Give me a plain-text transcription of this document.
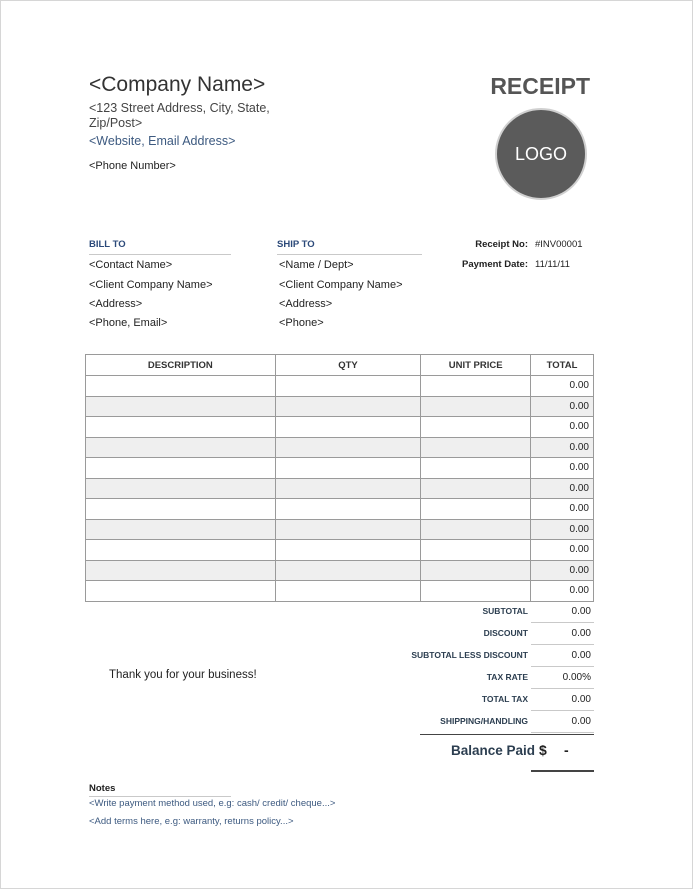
<Company Name>
<123 Street Address, City, State, Zip/Post>
<Website, Email Address>
<Phone Number>
RECEIPT
LOGO
BILL TO
<Contact Name>
<Client Company Name>
<Address>
<Phone, Email>
SHIP TO
<Name / Dept>
<Client Company Name>
<Address>
<Phone>
Receipt No: #INV00001
Payment Date: 11/11/11
DESCRIPTION	QTY	UNIT PRICE	TOTAL
			0.00
			0.00
			0.00
			0.00
			0.00
			0.00
			0.00
			0.00
			0.00
			0.00
			0.00
SUBTOTAL	0.00
DISCOUNT	0.00
SUBTOTAL LESS DISCOUNT	0.00
TAX RATE	0.00%
TOTAL TAX	0.00
SHIPPING/HANDLING	0.00
Thank you for your business!
Balance Paid $ -
Notes
<Write payment method used, e.g: cash/ credit/ cheque...>
<Add terms here, e.g: warranty, returns policy...>
